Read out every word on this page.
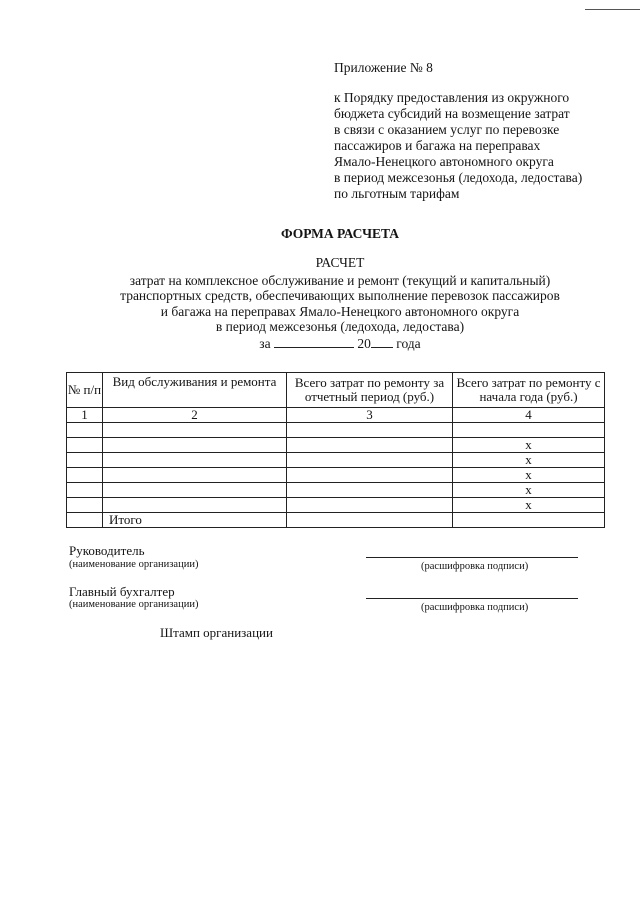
Приложение № 8
к Порядку предоставления из окружного
бюджета субсидий на возмещение затрат
в связи с оказанием услуг по перевозке
пассажиров и багажа на переправах
Ямало-Ненецкого автономного округа
в период межсезонья (ледохода, ледостава)
по льготным тарифам
ФОРМА РАСЧЕТА
РАСЧЕТ
затрат на комплексное обслуживание и ремонт (текущий и капитальный)
транспортных средств, обеспечивающих выполнение перевозок пассажиров
и багажа на переправах Ямало-Ненецкого автономного округа
в период межсезонья (ледохода, ледостава)
за	20 года
№ п/п	Вид обслуживания и ремонта	Всего затрат по ремонту за отчетный период (руб.)	Всего затрат по ремонту с начала года (руб.)
1	2	3	4

			х
			х
			х
			х
			х
	Итого		
Руководитель
(наименование организации)	(расшифровка подписи)
Главный бухгалтер
(наименование организации)	(расшифровка подписи)
Штамп организации
